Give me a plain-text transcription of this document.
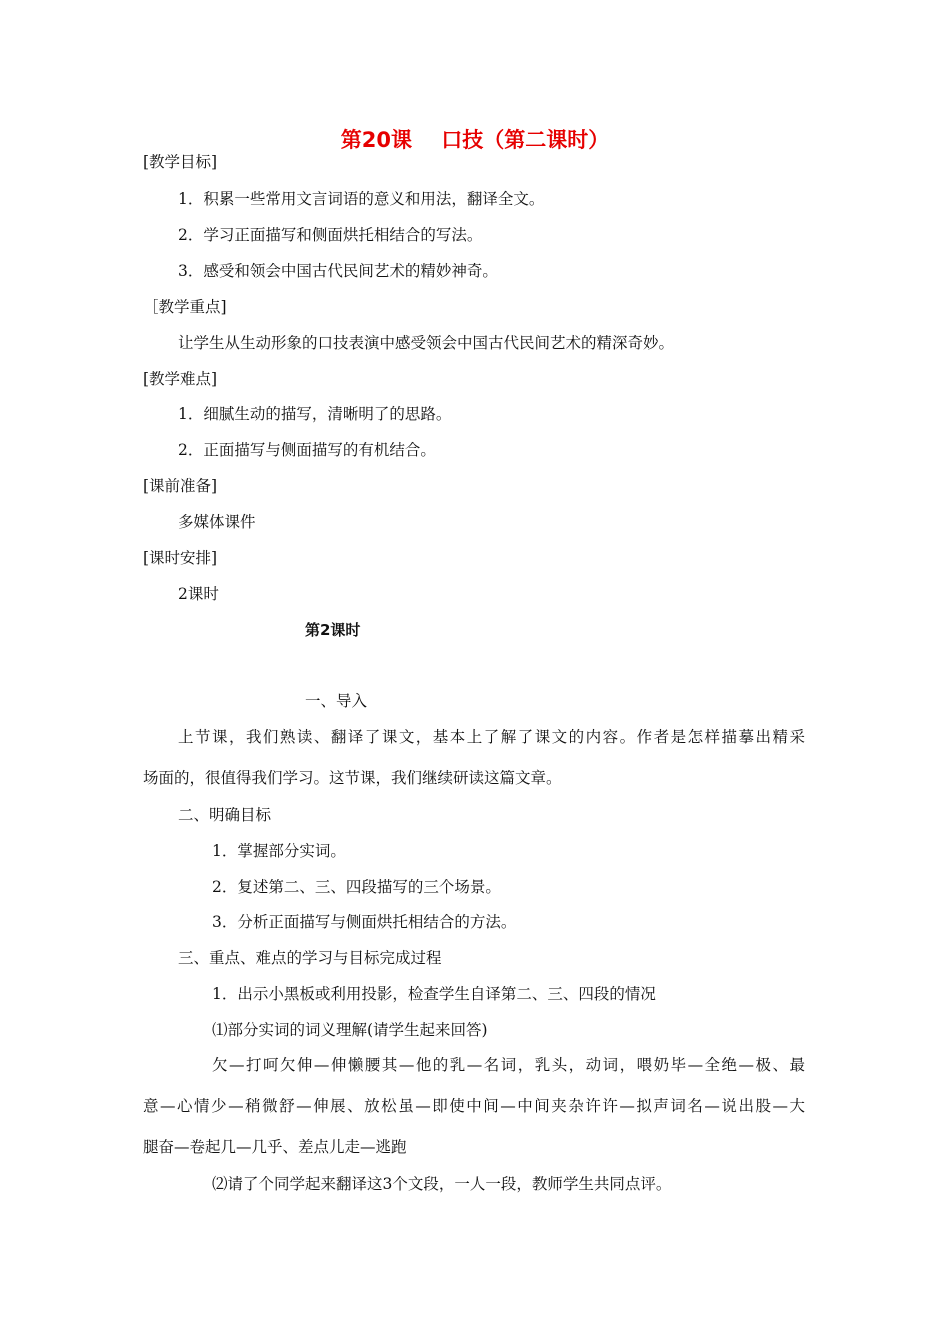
第20课    口技（第二课时）
[教学目标]
1．积累一些常用文言词语的意义和用法，翻译全文。
2．学习正面描写和侧面烘托相结合的写法。
3．感受和领会中国古代民间艺术的精妙神奇。
［教学重点]
让学生从生动形象的口技表演中感受领会中国古代民间艺术的精深奇妙。
[教学难点]
1．细腻生动的描写，清晰明了的思路。
2．正面描写与侧面描写的有机结合。
[课前准备]
多媒体课件
[课时安排]
2课时
第2课时
一、导入
上节课，我们熟读、翻译了课文，基本上了解了课文的内容。作者是怎样描摹出精采
场面的，很值得我们学习。这节课，我们继续研读这篇文章。
二、明确目标
1．掌握部分实词。
2．复述第二、三、四段描写的三个场景。
3．分析正面描写与侧面烘托相结合的方法。
三、重点、难点的学习与目标完成过程
1．出示小黑板或利用投影，检查学生自译第二、三、四段的情况
⑴部分实词的词义理解(请学生起来回答)
欠—打呵欠伸—伸懒腰其—他的乳—名词，乳头，动词，喂奶毕—全绝—极、最
意—心情少—稍微舒—伸展、放松虽—即使中间—中间夹杂许许—拟声词名—说出股—大
腿奋—卷起几—几乎、差点儿走—逃跑
⑵请了个同学起来翻译这3个文段，一人一段，教师学生共同点评。
